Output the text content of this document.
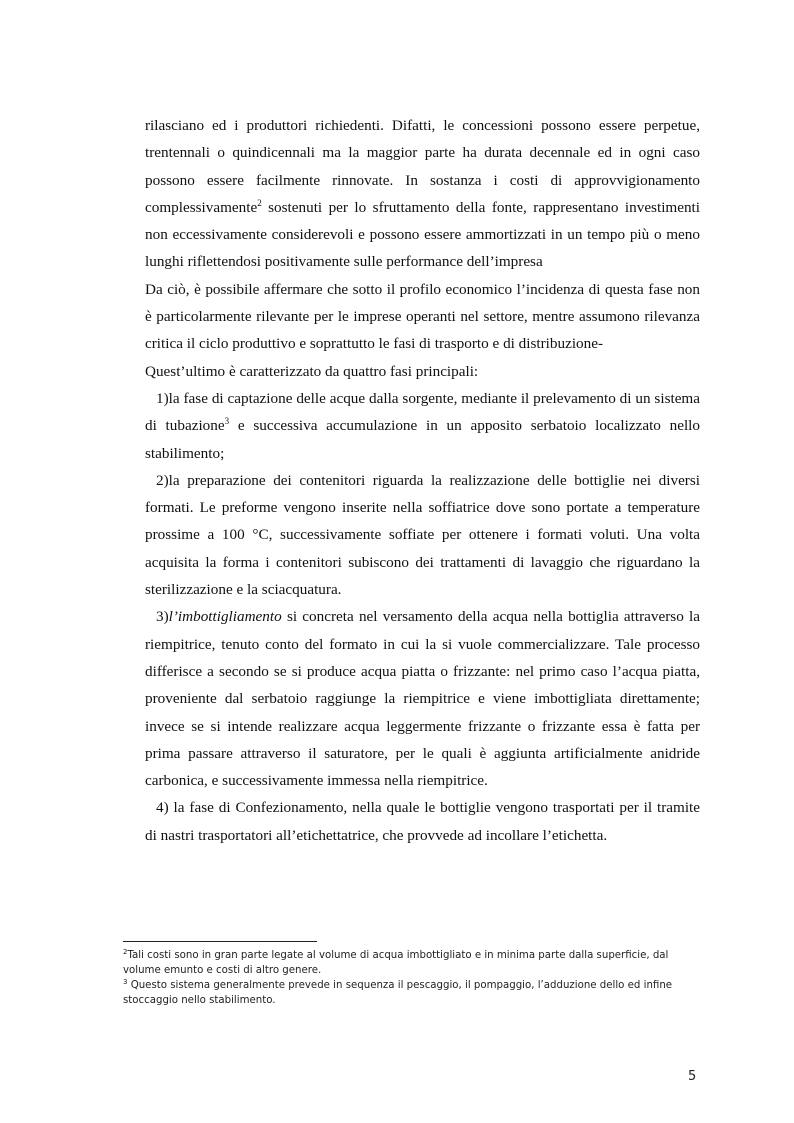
rilasciano ed i produttori richiedenti. Difatti, le concessioni possono essere perpetue, trentennali o quindicennali ma la maggior parte ha durata decennale ed in ogni caso possono essere facilmente rinnovate. In sostanza i costi di approvvigionamento complessivamente$^2$ sostenuti per lo sfruttamento della fonte, rappresentano investimenti non eccessivamente considerevoli e possono essere ammortizzati in un tempo più o meno lunghi riflettendosi positivamente sulle performance dell’impresa

Da ciò, è possibile affermare che sotto il profilo economico l’incidenza di questa fase non è particolarmente rilevante per le imprese operanti nel settore, mentre assumono rilevanza critica il ciclo produttivo e soprattutto le fasi di trasporto e di distribuzione-

Quest’ultimo è caratterizzato da quattro fasi principali:

1)la fase di captazione delle acque dalla sorgente, mediante il prelevamento di un sistema di tubazione$^3$ e successiva accumulazione in un apposito serbatoio localizzato nello stabilimento;

2)la preparazione dei contenitori riguarda la realizzazione delle bottiglie nei diversi formati. Le preforme vengono inserite nella soffiatrice dove sono portate a temperature prossime a 100 °C, successivamente soffiate per ottenere i formati voluti. Una volta acquisita la forma i contenitori subiscono dei trattamenti di lavaggio che riguardano la sterilizzazione e la sciacquatura.

3)l’imbottigliamento si concreta nel versamento della acqua nella bottiglia attraverso la riempitrice, tenuto conto del formato in cui la si vuole commercializzare. Tale processo differisce a secondo se si produce acqua piatta o frizzante: nel primo caso l’acqua piatta, proveniente dal serbatoio raggiunge la riempitrice e viene imbottigliata direttamente; invece se si intende realizzare acqua leggermente frizzante o frizzante essa è fatta per prima passare attraverso il saturatore, per le quali è aggiunta artificialmente anidride carbonica, e successivamente immessa nella riempitrice.

4) la fase di Confezionamento, nella quale le bottiglie vengono trasportati per il tramite di nastri trasportatori all’etichettatrice, che provvede ad incollare l’etichetta.

$^2$Tali costi sono in gran parte legate al volume di acqua imbottigliato e in minima parte dalla superficie, dal volume emunto e costi di altro genere.

$^3$ Questo sistema generalmente prevede in sequenza il pescaggio, il pompaggio, l’adduzione dello ed infine stoccaggio nello stabilimento.

5
